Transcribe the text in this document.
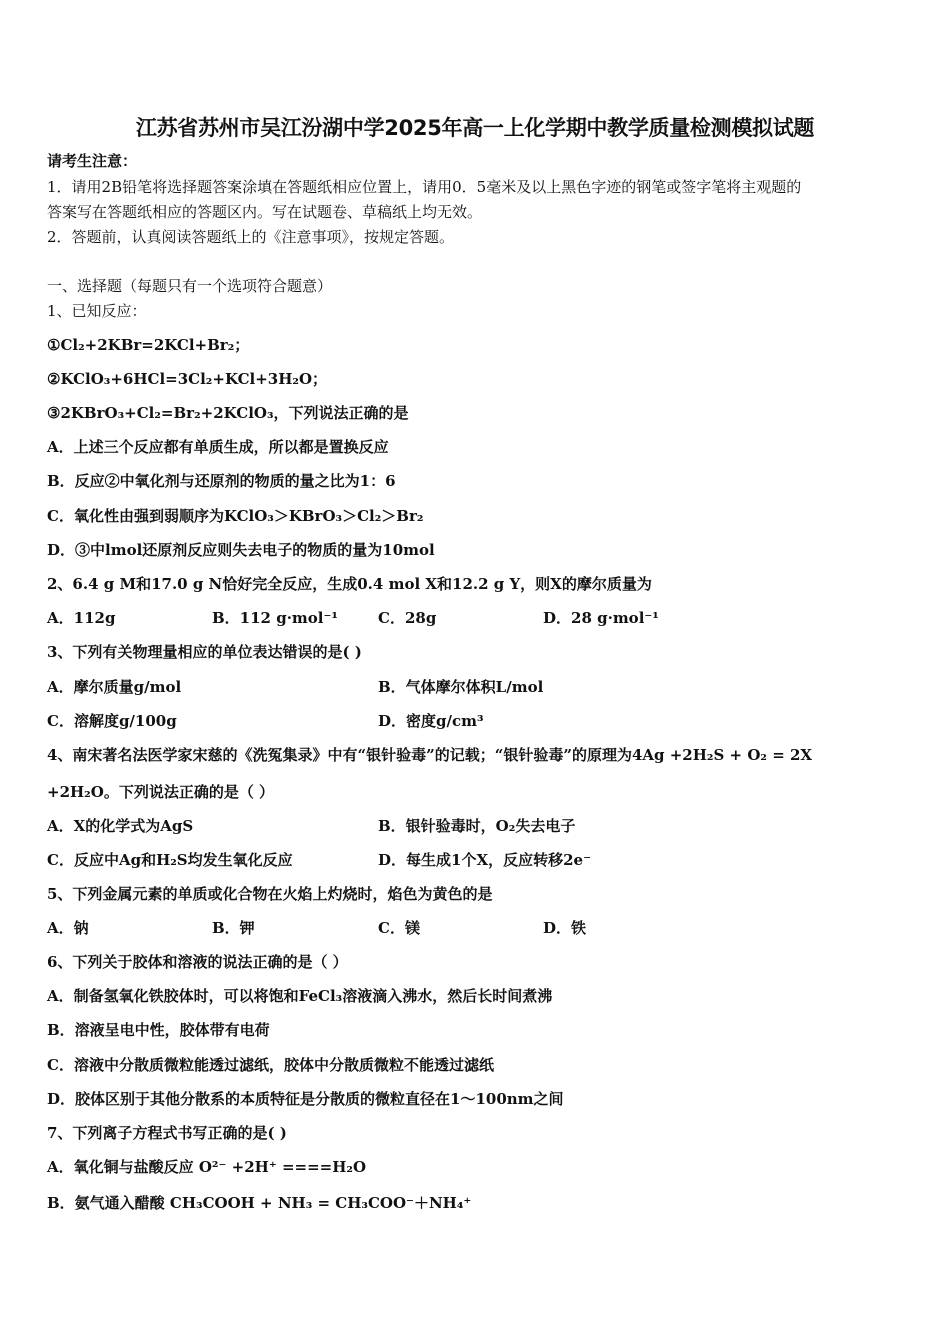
江苏省苏州市吴江汾湖中学2025年高一上化学期中教学质量检测模拟试题
请考生注意：
1．请用2B铅笔将选择题答案涂填在答题纸相应位置上，请用0．5毫米及以上黑色字迹的钢笔或签字笔将主观题的
答案写在答题纸相应的答题区内。写在试题卷、草稿纸上均无效。
2．答题前，认真阅读答题纸上的《注意事项》，按规定答题。
一、选择题（每题只有一个选项符合题意）
1、已知反应：
①Cl₂+2KBr=2KCl+Br₂；
②KClO₃+6HCl=3Cl₂+KCl+3H₂O；
③2KBrO₃+Cl₂=Br₂+2KClO₃，下列说法正确的是
A．上述三个反应都有单质生成，所以都是置换反应
B．反应②中氧化剂与还原剂的物质的量之比为1：6
C．氧化性由强到弱顺序为KClO₃＞KBrO₃＞Cl₂＞Br₂
D．③中lmol还原剂反应则失去电子的物质的量为10mol
2、6.4 g M和17.0 g N恰好完全反应，生成0.4 mol X和12.2 g Y，则X的摩尔质量为
A．112g	B．112 g·mol⁻¹	C．28g	D．28 g·mol⁻¹
3、下列有关物理量相应的单位表达错误的是( )
A．摩尔质量g/mol	B．气体摩尔体积L/mol
C．溶解度g/100g	D．密度g/cm³
4、南宋著名法医学家宋慈的《洗冤集录》中有“银针验毒”的记载；“银针验毒”的原理为4Ag +2H₂S + O₂ = 2X
+2H₂O。下列说法正确的是（ ）
A．X的化学式为AgS	B．银针验毒时，O₂失去电子
C．反应中Ag和H₂S均发生氧化反应	D．每生成1个X，反应转移2e⁻
5、下列金属元素的单质或化合物在火焰上灼烧时，焰色为黄色的是
A．钠	B．钾	C．镁	D．铁
6、下列关于胶体和溶液的说法正确的是（ ）
A．制备氢氧化铁胶体时，可以将饱和FeCl₃溶液滴入沸水，然后长时间煮沸
B．溶液呈电中性，胶体带有电荷
C．溶液中分散质微粒能透过滤纸，胶体中分散质微粒不能透过滤纸
D．胶体区别于其他分散系的本质特征是分散质的微粒直径在1～100nm之间
7、下列离子方程式书写正确的是( )
A．氧化铜与盐酸反应 O²⁻ +2H⁺ ====H₂O
B．氨气通入醋酸 CH₃COOH + NH₃ = CH₃COO⁻＋NH₄⁺
